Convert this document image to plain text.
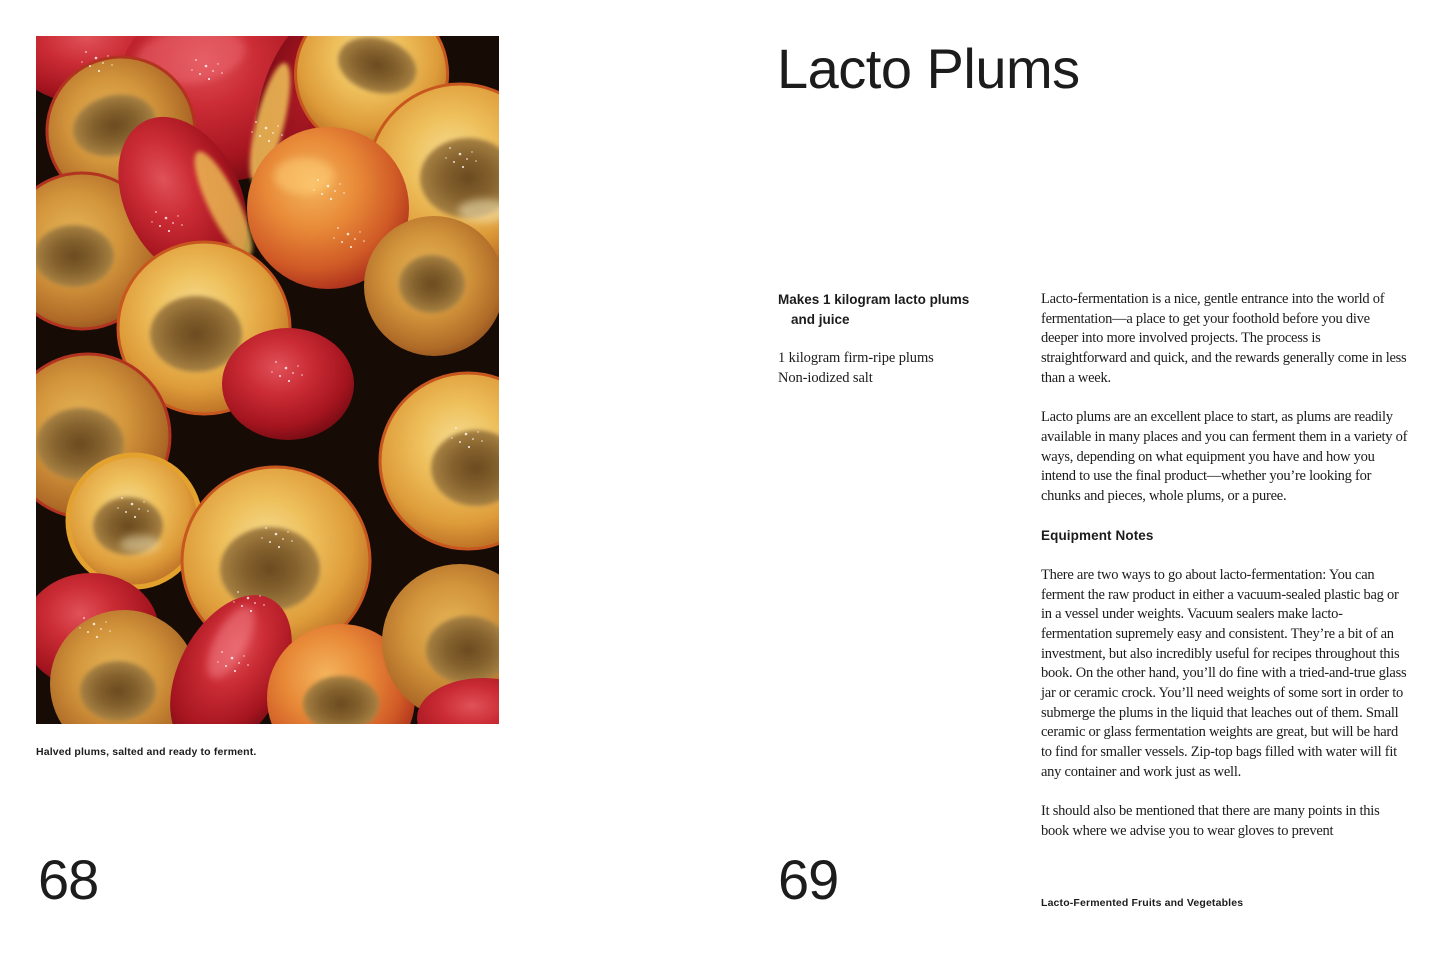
Halved plums, salted and ready to ferment.
68
Lacto Plums

Makes 1 kilogram lacto plums
and juice

1 kilogram firm-ripe plums
Non-iodized salt

Lacto-fermentation is a nice, gentle entrance into the world of fermentation—a place to get your foothold before you dive deeper into more involved projects. The process is straightforward and quick, and the rewards generally come in less than a week.

Lacto plums are an excellent place to start, as plums are readily available in many places and you can ferment them in a variety of ways, depending on what equipment you have and how you intend to use the final product—whether you’re looking for chunks and pieces, whole plums, or a puree.

Equipment Notes

There are two ways to go about lacto-fermentation: You can ferment the raw product in either a vacuum-sealed plastic bag or in a vessel under weights. Vacuum sealers make lacto-fermentation supremely easy and consistent. They’re a bit of an investment, but also incredibly useful for recipes throughout this book. On the other hand, you’ll do fine with a tried-and-true glass jar or ceramic crock. You’ll need weights of some sort in order to submerge the plums in the liquid that leaches out of them. Small ceramic or glass fermentation weights are great, but will be hard to find for smaller vessels. Zip-top bags filled with water will fit any container and work just as well.

It should also be mentioned that there are many points in this book where we advise you to wear gloves to prevent

69	Lacto-Fermented Fruits and Vegetables
